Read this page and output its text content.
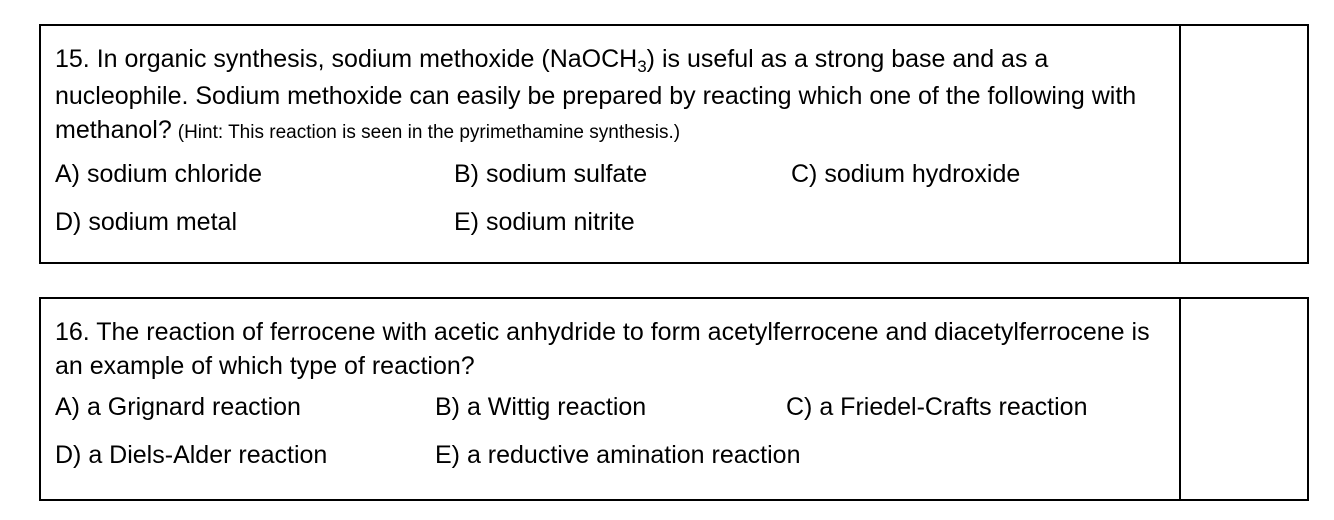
15. In organic synthesis, sodium methoxide (NaOCH$_3$) is useful as a strong base and as a nucleophile. Sodium methoxide can easily be prepared by reacting which one of the following with methanol? (Hint: This reaction is seen in the pyrimethamine synthesis.)

A) sodium chloride	B) sodium sulfate	C) sodium hydroxide
D) sodium metal	E) sodium nitrite

16. The reaction of ferrocene with acetic anhydride to form acetylferrocene and diacetylferrocene is an example of which type of reaction?

A) a Grignard reaction	B) a Wittig reaction	C) a Friedel-Crafts reaction
D) a Diels-Alder reaction	E) a reductive amination reaction
